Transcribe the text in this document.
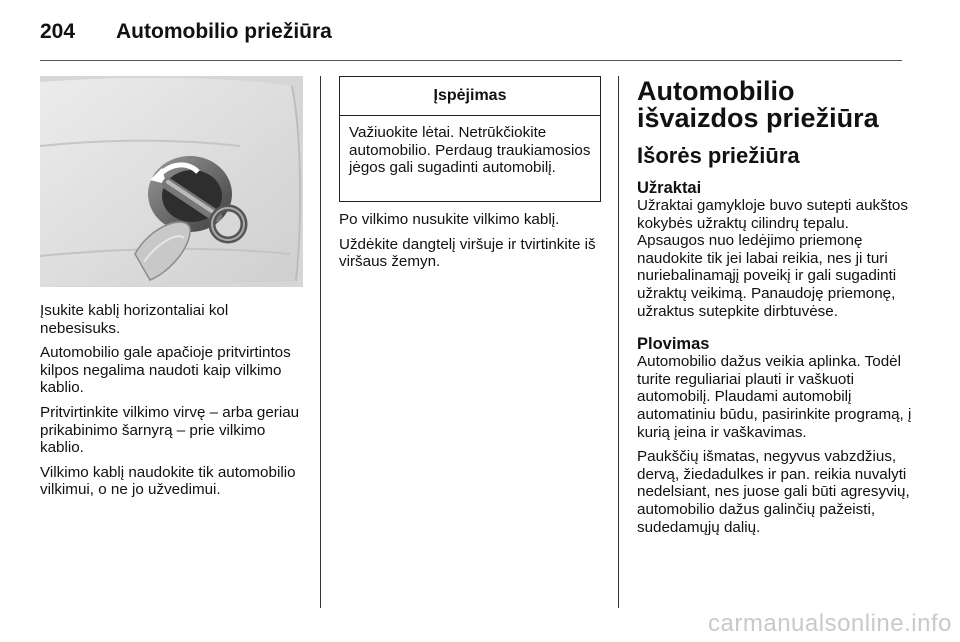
204 Automobilio priežiūra

Įsukite kablį horizontaliai kol nebesisuks.

Automobilio gale apačioje pritvirtintos kilpos negalima naudoti kaip vilkimo kablio.

Pritvirtinkite vilkimo virvę – arba geriau prikabinimo šarnyrą – prie vilkimo kablio.

Vilkimo kablį naudokite tik automobilio vilkimui, o ne jo užvedimui.

Įspėjimas
Važiuokite lėtai. Netrūkčiokite automobilio. Perdaug traukiamosios jėgos gali sugadinti automobilį.

Po vilkimo nusukite vilkimo kablį.

Uždėkite dangtelį viršuje ir tvirtinkite iš viršaus žemyn.

Automobilio išvaizdos priežiūra
Išorės priežiūra
Užraktai

Užraktai gamykloje buvo sutepti aukštos kokybės užraktų cilindrų tepalu. Apsaugos nuo ledėjimo priemonę naudokite tik jei labai reikia, nes ji turi nuriebalinamąjį poveikį ir gali sugadinti užraktų veikimą. Panaudoję priemonę, užraktus sutepkite dirbtuvėse.

Plovimas

Automobilio dažus veikia aplinka. Todėl turite reguliariai plauti ir vaškuoti automobilį. Plaudami automobilį automatiniu būdu, pasirinkite programą, į kurią įeina ir vaškavimas.

Paukščių išmatas, negyvus vabzdžius, dervą, žiedadulkes ir pan. reikia nuvalyti nedelsiant, nes juose gali būti agresyvių, automobilio dažus galinčių pažeisti, sudedamųjų dalių.

carmanualsonline.info
